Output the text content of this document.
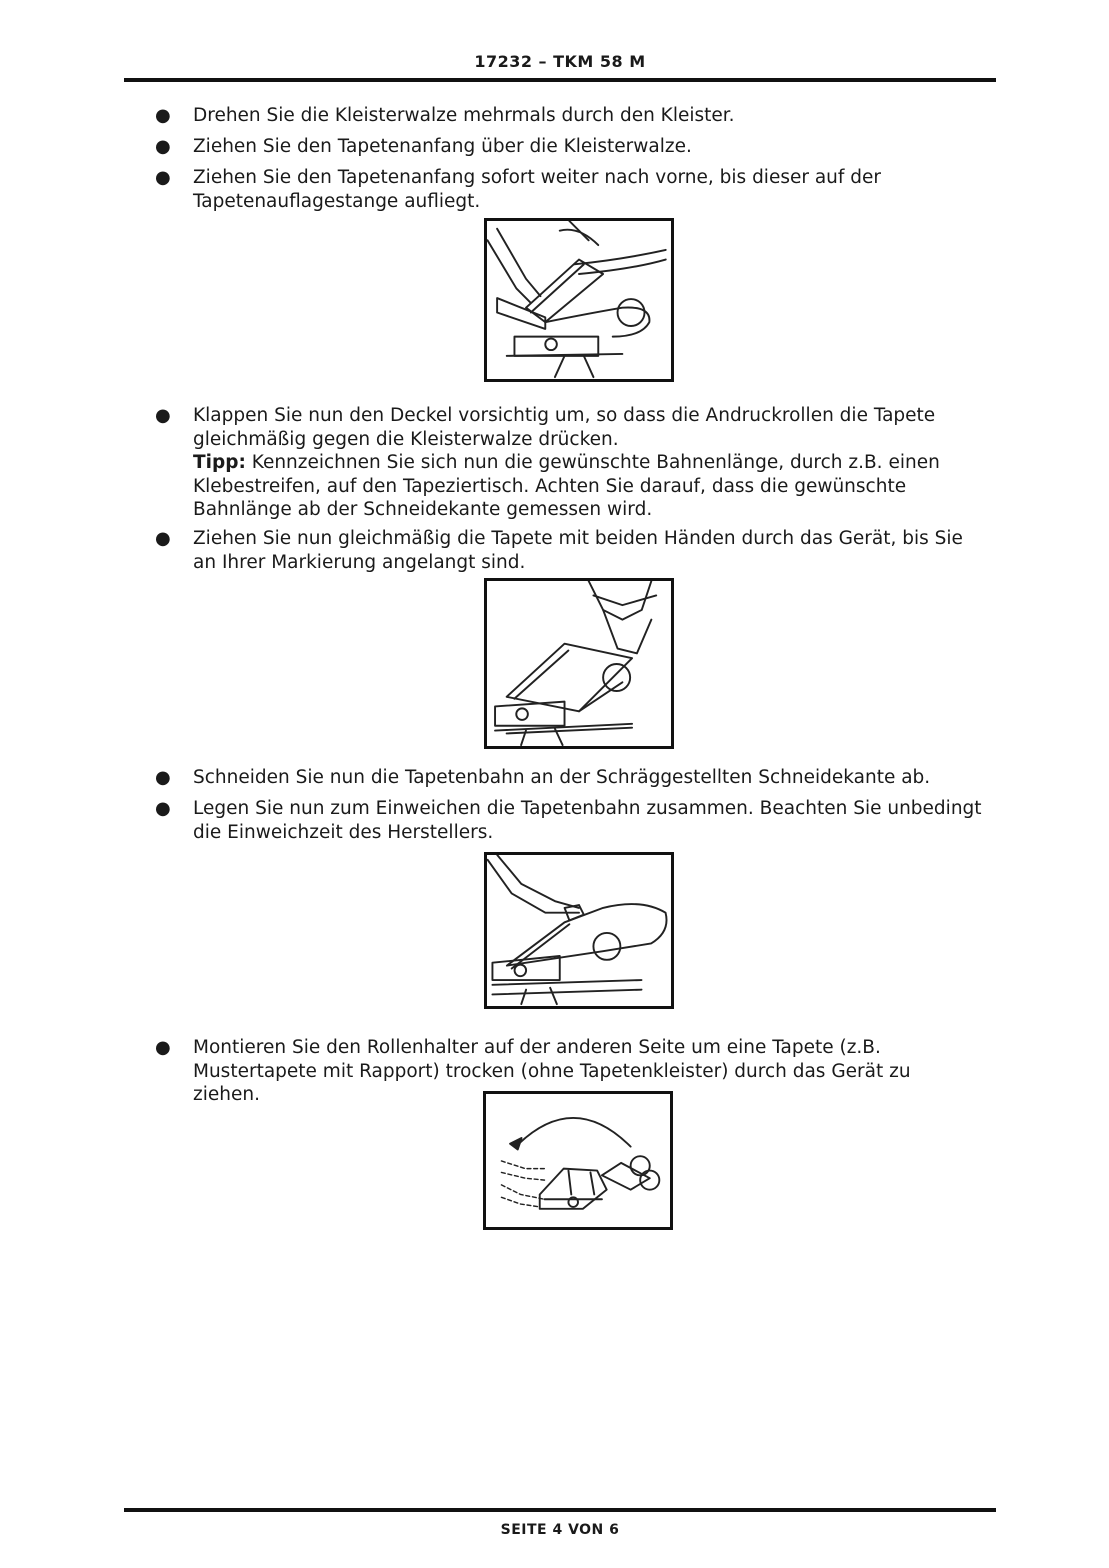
17232 – TKM 58 M
● Drehen Sie die Kleisterwalze mehrmals durch den Kleister.
● Ziehen Sie den Tapetenanfang über die Kleisterwalze.
● Ziehen Sie den Tapetenanfang sofort weiter nach vorne, bis dieser auf der Tapetenauflagestange aufliegt.
● Klappen Sie nun den Deckel vorsichtig um, so dass die Andruckrollen die Tapete gleichmäßig gegen die Kleisterwalze drücken.
Tipp: Kennzeichnen Sie sich nun die gewünschte Bahnenlänge, durch z.B. einen Klebestreifen, auf den Tapeziertisch. Achten Sie darauf, dass die gewünschte Bahnlänge ab der Schneidekante gemessen wird.
● Ziehen Sie nun gleichmäßig die Tapete mit beiden Händen durch das Gerät, bis Sie an Ihrer Markierung angelangt sind.
● Schneiden Sie nun die Tapetenbahn an der Schräggestellten Schneidekante ab.
● Legen Sie nun zum Einweichen die Tapetenbahn zusammen. Beachten Sie unbedingt die Einweichzeit des Herstellers.
● Montieren Sie den Rollenhalter auf der anderen Seite um eine Tapete (z.B. Mustertapete mit Rapport) trocken (ohne Tapetenkleister) durch das Gerät zu ziehen.
SEITE 4 VON 6
